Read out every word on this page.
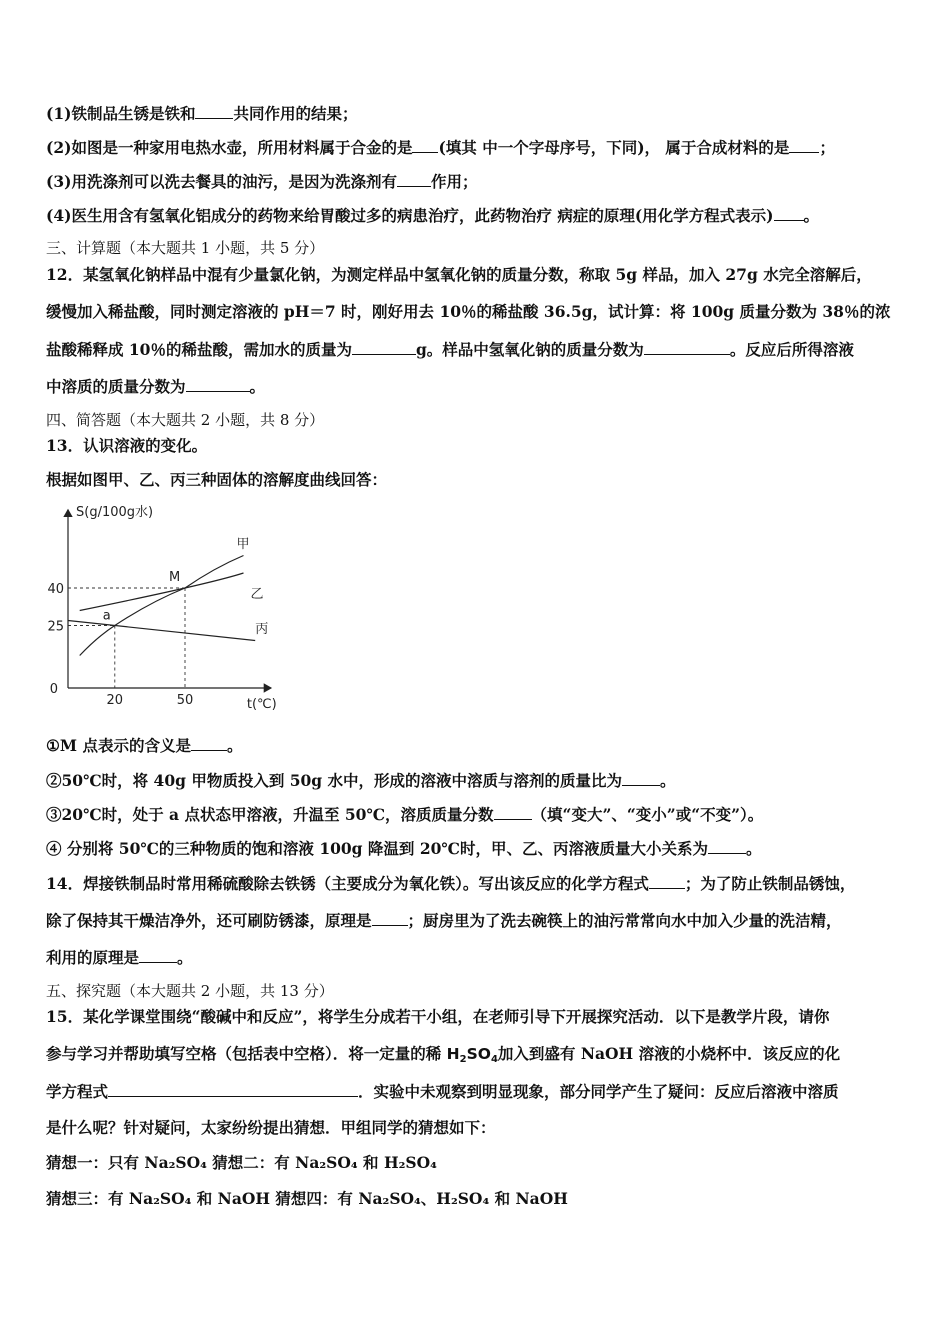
(1)铁制品生锈是铁和 共同作用的结果；
(2)如图是一种家用电热水壶，所用材料属于合金的是 (填其 中一个字母序号，下同)， 属于合成材料的是 ；
(3)用洗涤剂可以洗去餐具的油污，是因为洗涤剂有 作用；
(4)医生用含有氢氧化铝成分的药物来给胃酸过多的病患治疗，此药物治疗 病症的原理(用化学方程式表示) 。
三、计算题（本大题共 1 小题，共 5 分）
12．某氢氧化钠样品中混有少量氯化钠，为测定样品中氢氧化钠的质量分数，称取 5g 样品，加入 27g 水完全溶解后，
缓慢加入稀盐酸，同时测定溶液的 pH＝7 时，刚好用去 10％的稀盐酸 36.5g，试计算：将 100g 质量分数为 38％的浓
盐酸稀释成 10％的稀盐酸，需加水的质量为	g。样品中氢氧化钠的质量分数为	。反应后所得溶液
中溶质的质量分数为	。
四、简答题（本大题共 2 小题，共 8 分）
13．认识溶液的变化。
根据如图甲、乙、丙三种固体的溶解度曲线回答：
S(g/100g水)
t(℃)
0
20	50
25
40
甲
乙
丙
M
a
①M 点表示的含义是 。
②50℃时，将 40g 甲物质投入到 50g 水中，形成的溶液中溶质与溶剂的质量比为 。
③20℃时，处于 a 点状态甲溶液，升温至 50℃，溶质质量分数 （填“变大”、“变小”或“不变”）。
④ 分别将 50℃的三种物质的饱和溶液 100g 降温到 20℃时，甲、乙、丙溶液质量大小关系为 。
14．焊接铁制品时常用稀硫酸除去铁锈（主要成分为氧化铁）。写出该反应的化学方程式 ；为了防止铁制品锈蚀，
除了保持其干燥洁净外，还可刷防锈漆，原理是 ；厨房里为了洗去碗筷上的油污常常向水中加入少量的洗洁精，
利用的原理是 。
五、探究题（本大题共 2 小题，共 13 分）
15．某化学课堂围绕“酸碱中和反应”，将学生分成若干小组，在老师引导下开展探究活动．以下是教学片段，请你
参与学习并帮助填写空格（包括表中空格）．将一定量的稀 $H_2SO_4$加入到盛有 NaOH 溶液的小烧杯中．该反应的化
学方程式	．实验中未观察到明显现象，部分同学产生了疑问：反应后溶液中溶质
是什么呢？针对疑问，太家纷纷提出猜想．甲组同学的猜想如下：
猜想一：只有 Na₂SO₄ 猜想二：有 Na₂SO₄ 和 H₂SO₄
猜想三：有 Na₂SO₄ 和 NaOH 猜想四：有 Na₂SO₄、H₂SO₄ 和 NaOH
